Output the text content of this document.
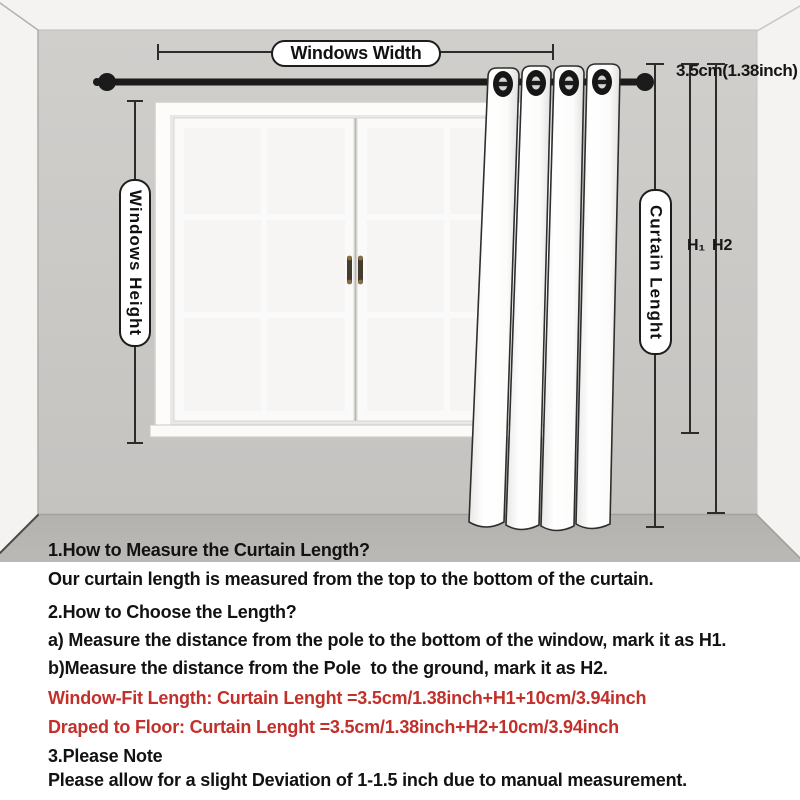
Windows Width
Windows Height	Curtain Lenght
3.5cm(1.38inch)
H₁ H2
1.How to Measure the Curtain Length?
Our curtain length is measured from the top to the bottom of the curtain.
2.How to Choose the Length?
a) Measure the distance from the pole to the bottom of the window, mark it as H1.
b)Measure the distance from the Pole  to the ground, mark it as H2.
Window-Fit Length: Curtain Lenght =3.5cm/1.38inch+H1+10cm/3.94inch
Draped to Floor: Curtain Lenght =3.5cm/1.38inch+H2+10cm/3.94inch
3.Please Note
Please allow for a slight Deviation of 1-1.5 inch due to manual measurement.
